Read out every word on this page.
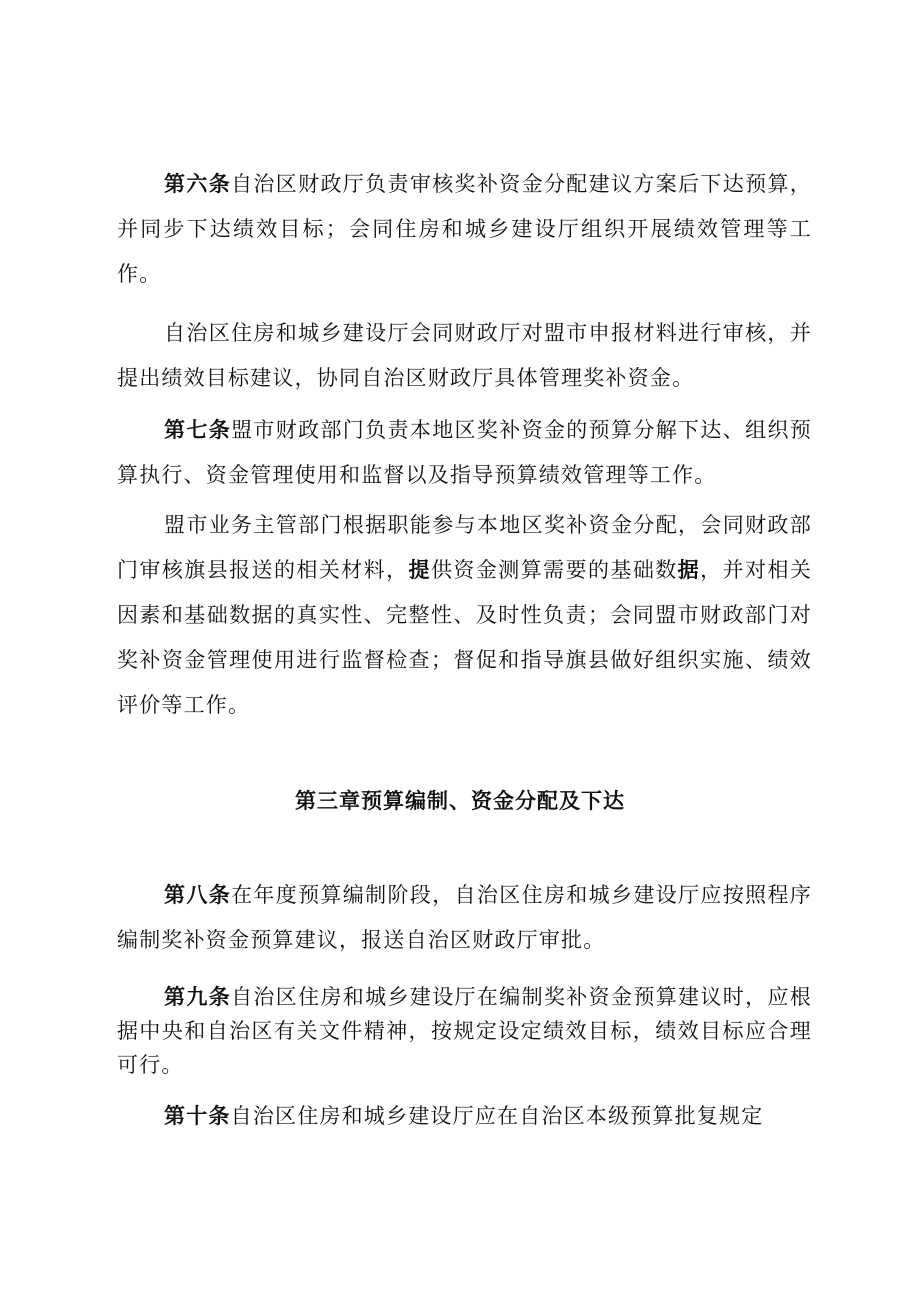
第六条自治区财政厅负责审核奖补资金分配建议方案后下达预算，并同步下达绩效目标；会同住房和城乡建设厅组织开展绩效管理等工作。

自治区住房和城乡建设厅会同财政厅对盟市申报材料进行审核，并提出绩效目标建议，协同自治区财政厅具体管理奖补资金。

第七条盟市财政部门负责本地区奖补资金的预算分解下达、组织预算执行、资金管理使用和监督以及指导预算绩效管理等工作。

盟市业务主管部门根据职能参与本地区奖补资金分配，会同财政部门审核旗县报送的相关材料，提供资金测算需要的基础数据，并对相关因素和基础数据的真实性、完整性、及时性负责；会同盟市财政部门对奖补资金管理使用进行监督检查；督促和指导旗县做好组织实施、绩效评价等工作。

第三章预算编制、资金分配及下达

第八条在年度预算编制阶段，自治区住房和城乡建设厅应按照程序编制奖补资金预算建议，报送自治区财政厅审批。

第九条自治区住房和城乡建设厅在编制奖补资金预算建议时，应根据中央和自治区有关文件精神，按规定设定绩效目标，绩效目标应合理可行。

第十条自治区住房和城乡建设厅应在自治区本级预算批复规定
